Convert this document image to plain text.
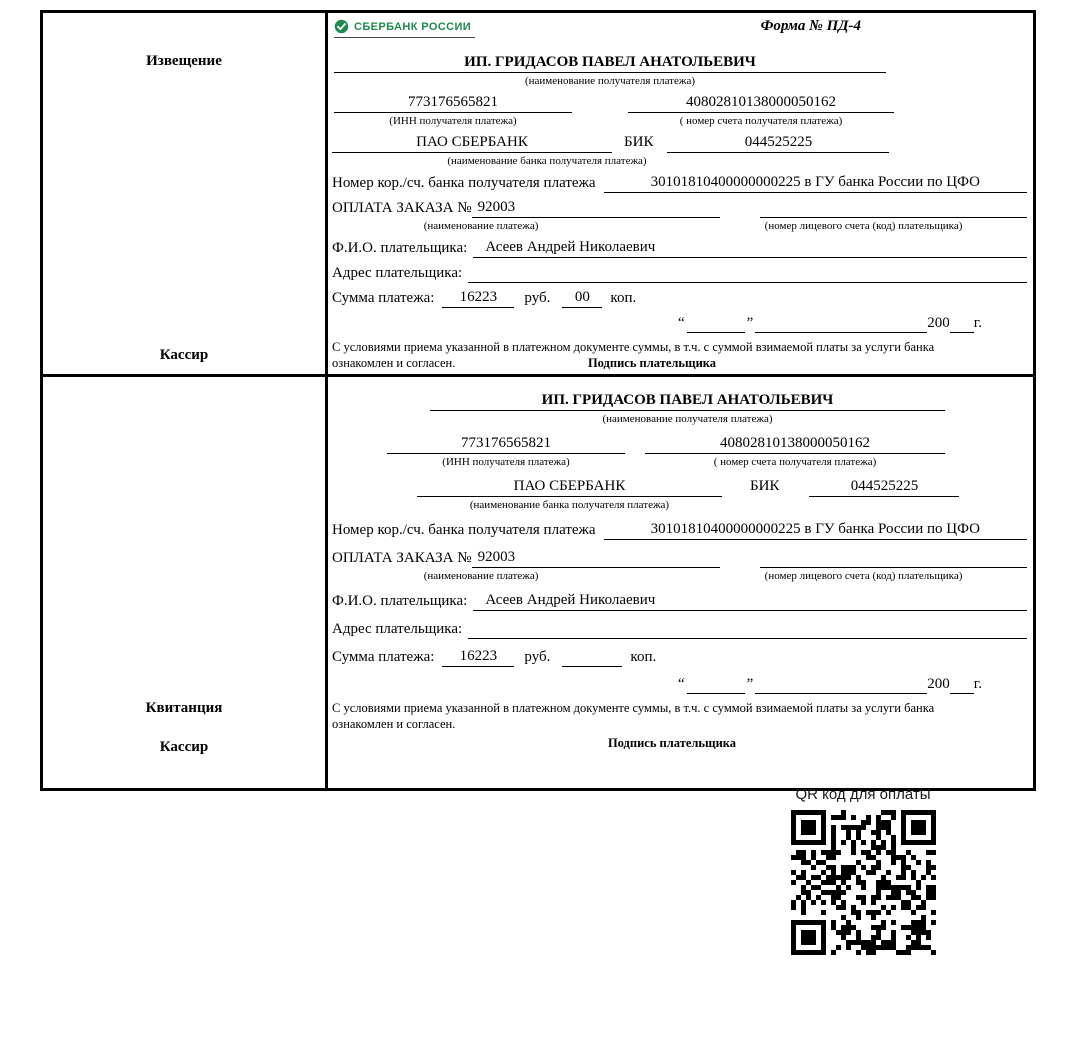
Извещение
Кассир
СБЕРБАНК РОССИИ	Форма № ПД-4
ИП. ГРИДАСОВ ПАВЕЛ АНАТОЛЬЕВИЧ
(наименование получателя платежа)
773176565821
(ИНН получателя платежа)
40802810138000050162
( номер счета получателя платежа)
ПАО СБЕРБАНК
(наименование банка получателя платежа)
БИК	044525225
Номер кор./сч. банка получателя платежа	30101810400000000225 в ГУ банка России по ЦФО
ОПЛАТА ЗАКАЗА № 92003
(наименование платежа)	(номер лицевого счета (код) плательщика)
Ф.И.О. плательщика:	Асеев Андрей Николаевич
Адрес плательщика:
Сумма платежа:	16223	руб.	00	коп.
“	”	200 г.
С условиями приема указанной в платежном документе суммы, в т.ч. с суммой взимаемой платы за услуги банка ознакомлен и согласен.	Подпись плательщика
Квитанция
Кассир
ИП. ГРИДАСОВ ПАВЕЛ АНАТОЛЬЕВИЧ
(наименование получателя платежа)
773176565821
(ИНН получателя платежа)
40802810138000050162
( номер счета получателя платежа)
ПАО СБЕРБАНК
(наименование банка получателя платежа)
БИК	044525225
Номер кор./сч. банка получателя платежа	30101810400000000225 в ГУ банка России по ЦФО
ОПЛАТА ЗАКАЗА № 92003
(наименование платежа)	(номер лицевого счета (код) плательщика)
Ф.И.О. плательщика:	Асеев Андрей Николаевич
Адрес плательщика:
Сумма платежа:	16223	руб.	коп.
“	”	200 г.
С условиями приема указанной в платежном документе суммы, в т.ч. с суммой взимаемой платы за услуги банка ознакомлен и согласен.
Подпись плательщика
QR код для оплаты
